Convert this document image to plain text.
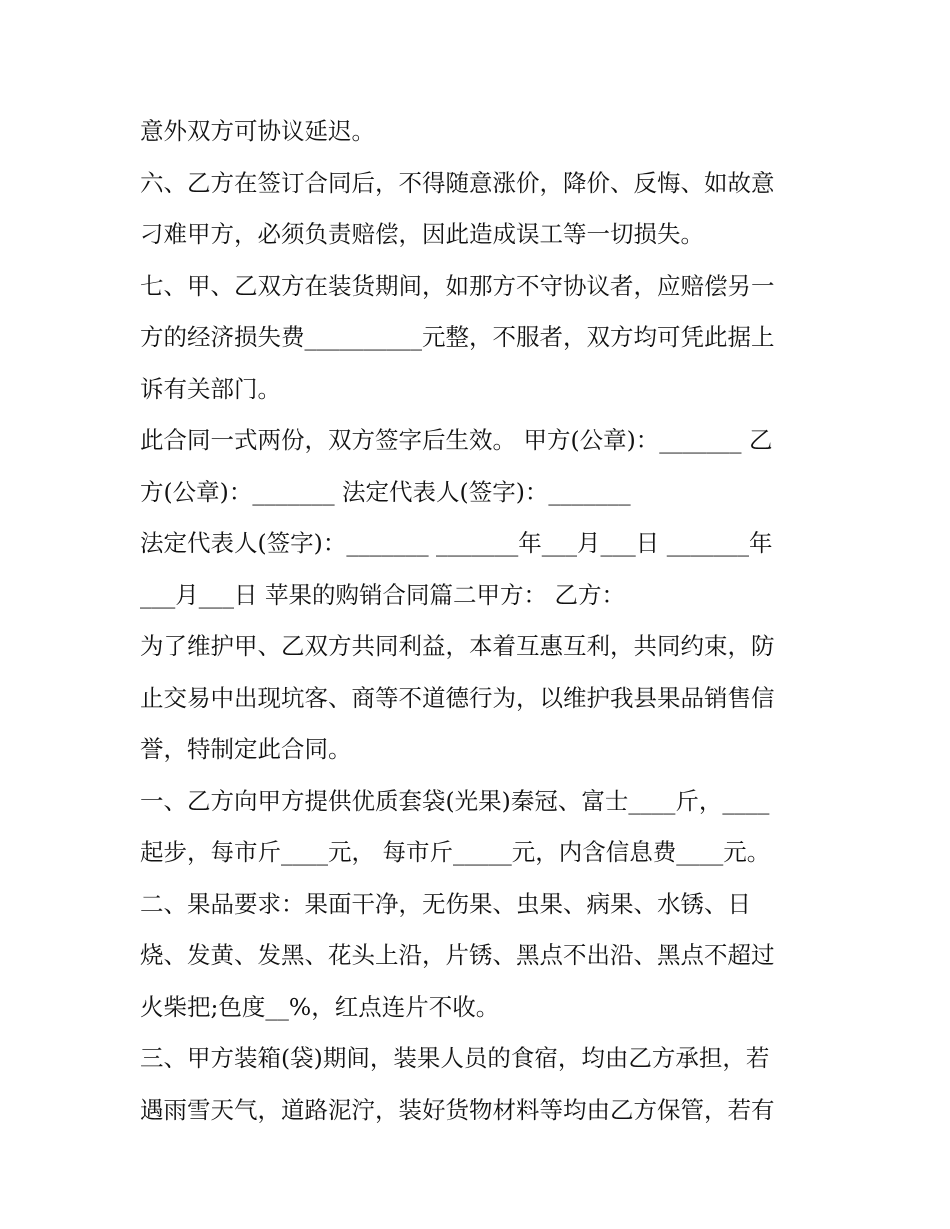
意外双方可协议延迟。
六、乙方在签订合同后，不得随意涨价，降价、反悔、如故意
刁难甲方，必须负责赔偿，因此造成误工等一切损失。
七、甲、乙双方在装货期间，如那方不守协议者，应赔偿另一
方的经济损失费__________元整，不服者，双方均可凭此据上
诉有关部门。
此合同一式两份，双方签字后生效。 甲方(公章)：_______ 乙
方(公章)：_______ 法定代表人(签字)：_______
法定代表人(签字)：_______ _______年___月___日 _______年
___月___日 苹果的购销合同篇二甲方： 乙方：
为了维护甲、乙双方共同利益，本着互惠互利，共同约束，防
止交易中出现坑客、商等不道德行为，以维护我县果品销售信
誉，特制定此合同。
一、乙方向甲方提供优质套袋(光果)秦冠、富士____斤，____
起步，每市斤____元， 每市斤_____元，内含信息费____元。
二、果品要求：果面干净，无伤果、虫果、病果、水锈、日
烧、发黄、发黑、花头上沿，片锈、黑点不出沿、黑点不超过
火柴把;色度__%，红点连片不收。
三、甲方装箱(袋)期间，装果人员的食宿，均由乙方承担，若
遇雨雪天气，道路泥泞，装好货物材料等均由乙方保管，若有
